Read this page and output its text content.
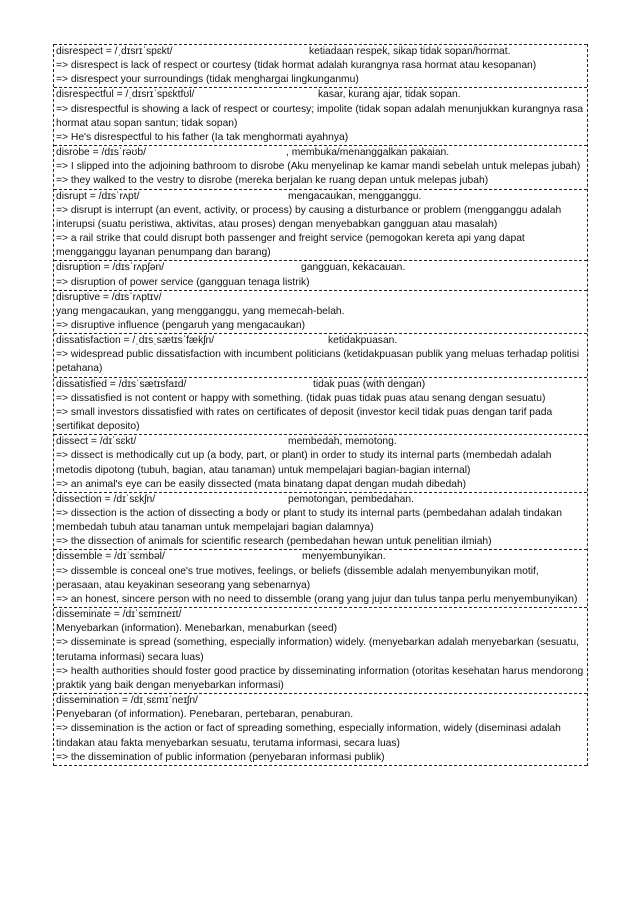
disrespect = /ˌdɪsrɪˈspɛkt/	ketiadaan respek, sikap tidak sopan/hormat.
=> disrespect is lack of respect or courtesy (tidak hormat adalah kurangnya rasa hormat atau kesopanan)
=> disrespect your surroundings (tidak menghargai lingkunganmu)
disrespectful = /ˌdɪsrɪˈspɛktfʊl/	kasar, kurang ajar, tidak sopan.
=> disrespectful is showing a lack of respect or courtesy; impolite (tidak sopan adalah menunjukkan kurangnya rasa hormat atau sopan santun; tidak sopan)
=> He's disrespectful to his father (Ia tak menghormati ayahnya)
disrobe = /dɪsˈrəʊb/	, membuka/menanggalkan pakaian.
=> I slipped into the adjoining bathroom to disrobe (Aku menyelinap ke kamar mandi sebelah untuk melepas jubah)
=> they walked to the vestry to disrobe (mereka berjalan ke ruang depan untuk melepas jubah)
disrupt = /dɪsˈrʌpt/	mengacaukan, mengganggu.
=> disrupt is interrupt (an event, activity, or process) by causing a disturbance or problem (mengganggu adalah interupsi (suatu peristiwa, aktivitas, atau proses) dengan menyebabkan gangguan atau masalah)
=> a rail strike that could disrupt both passenger and freight service (pemogokan kereta api yang dapat mengganggu layanan penumpang dan barang)
disruption = /dɪsˈrʌpʃən/	gangguan, kekacauan.
=> disruption of power service (gangguan tenaga listrik)
disruptive = /dɪsˈrʌptɪv/
yang mengacaukan, yang mengganggu, yang memecah-belah.
=> disruptive influence (pengaruh yang mengacaukan)
dissatisfaction = /ˌdɪsˌsætɪsˈfækʃn/	ketidakpuasan.
=> widespread public dissatisfaction with incumbent politicians (ketidakpuasan publik yang meluas terhadap politisi petahana)
dissatisfied = /dɪsˈsætɪsfaɪd/	tidak puas (with dengan)
=> dissatisfied is not content or happy with something. (tidak puas tidak puas atau senang dengan sesuatu)
=> small investors dissatisfied with rates on certificates of deposit (investor kecil tidak puas dengan tarif pada sertifikat deposito)
dissect = /dɪˈsɛkt/	membedah, memotong.
=> dissect is methodically cut up (a body, part, or plant) in order to study its internal parts (membedah adalah metodis dipotong (tubuh, bagian, atau tanaman) untuk mempelajari bagian-bagian internal)
=> an animal's eye can be easily dissected (mata binatang dapat dengan mudah dibedah)
dissection = /dɪˈsɛkʃn/	pemotongan, pembedahan.
=> dissection is the action of dissecting a body or plant to study its internal parts (pembedahan adalah tindakan membedah tubuh atau tanaman untuk mempelajari bagian dalamnya)
=> the dissection of animals for scientific research (pembedahan hewan untuk penelitian ilmiah)
dissemble = /dɪˈsɛmbəl/	menyembunyikan.
=> dissemble is conceal one's true motives, feelings, or beliefs (dissemble adalah menyembunyikan motif, perasaan, atau keyakinan seseorang yang sebenarnya)
=> an honest, sincere person with no need to dissemble (orang yang jujur dan tulus tanpa perlu menyembunyikan)
disseminate = /dɪˈsɛmɪneɪt/
Menyebarkan (information). Menebarkan, menaburkan (seed)
=> disseminate is spread (something, especially information) widely. (menyebarkan adalah menyebarkan (sesuatu, terutama informasi) secara luas)
=> health authorities should foster good practice by disseminating information (otoritas kesehatan harus mendorong praktik yang baik dengan menyebarkan informasi)
dissemination = /dɪˌsɛmɪˈneɪʃn/
Penyebaran (of information). Penebaran, pertebaran, penaburan.
=> dissemination is the action or fact of spreading something, especially information, widely (diseminasi adalah tindakan atau fakta menyebarkan sesuatu, terutama informasi, secara luas)
=> the dissemination of public information (penyebaran informasi publik)
